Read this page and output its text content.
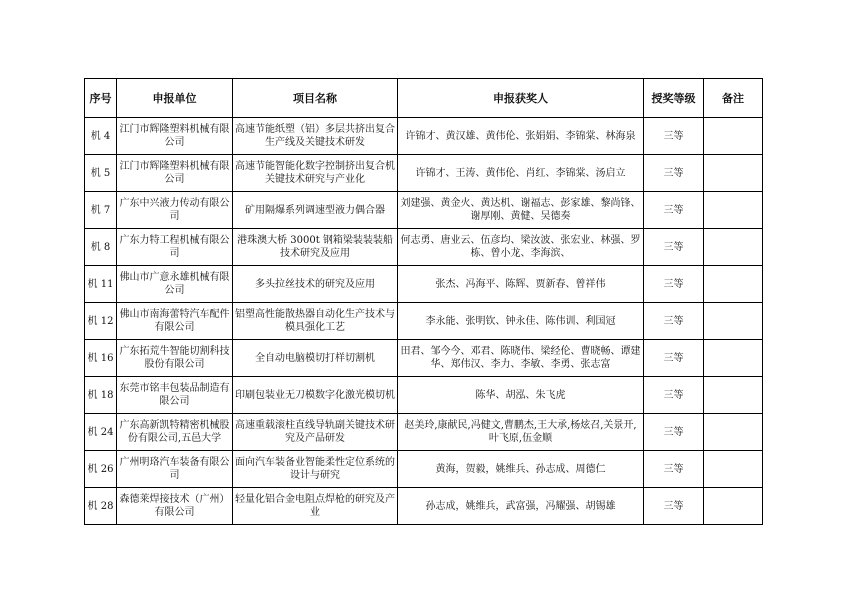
序号	申报单位	项目名称	申报获奖人	授奖等级	备注
机 4	江门市辉隆塑料机械有限公司	高速节能纸塑（铝）多层共挤出复合生产线及关键技术研发	许锦才、黄汉雄、黄伟伦、张娟娟、李锦棠、林海泉	三等	
机 5	江门市辉隆塑料机械有限公司	高速节能智能化数字控制挤出复合机关键技术研究与产业化	许锦才、王涛、黄伟伦、肖红、李锦棠、汤启立	三等	
机 7	广东中兴液力传动有限公司	矿用隔爆系列调速型液力偶合器	刘建强、黄金火、黄达机、谢福志、彭家雄、黎尚锋、谢厚刚、黄健、吴德奏	三等	
机 8	广东力特工程机械有限公司	港珠澳大桥 3000t 钢箱梁装装装船技术研究及应用	何志勇、唐业云、伍彦均、梁汝波、张宏业、林强、罗栋、曾小龙、李海滨、	三等	
机 11	佛山市广意永雄机械有限公司	多头拉丝技术的研究及应用	张杰、冯海平、陈辉、贾新春、曾祥伟	三等	
机 12	佛山市南海蕾特汽车配件有限公司	铝塑高性能散热器自动化生产技术与模具强化工艺	李永能、张明钦、钟永佳、陈伟训、利国冠	三等	
机 16	广东拓荒牛智能切割科技股份有限公司	全自动电脑模切打样切割机	田君、邹今今、邓君、陈晓伟、梁经伦、曹晓畅、谭建华、郑伟汉、李力、李敏、李勇、张志富	三等	
机 18	东莞市铭丰包装品制造有限公司	印刷包装业无刀模数字化激光模切机	陈华、胡泓、朱飞虎	三等	
机 24	广东高新凯特精密机械股份有限公司,五邑大学	高速重载滚柱直线导轨副关键技术研究及产品研发	赵美玲,康献民,冯健文,曹鹏杰,王大承,杨炫召,关景开,叶飞原,伍金顺	三等	
机 26	广州明珞汽车装备有限公司	面向汽车装备业智能柔性定位系统的设计与研究	黄海，贺毅，姚维兵、孙志成、周德仁	三等	
机 28	森德莱焊接技术（广州）有限公司	轻量化铝合金电阻点焊枪的研究及产业	孙志成，姚维兵，武富强，冯耀强、胡锡雄	三等	
